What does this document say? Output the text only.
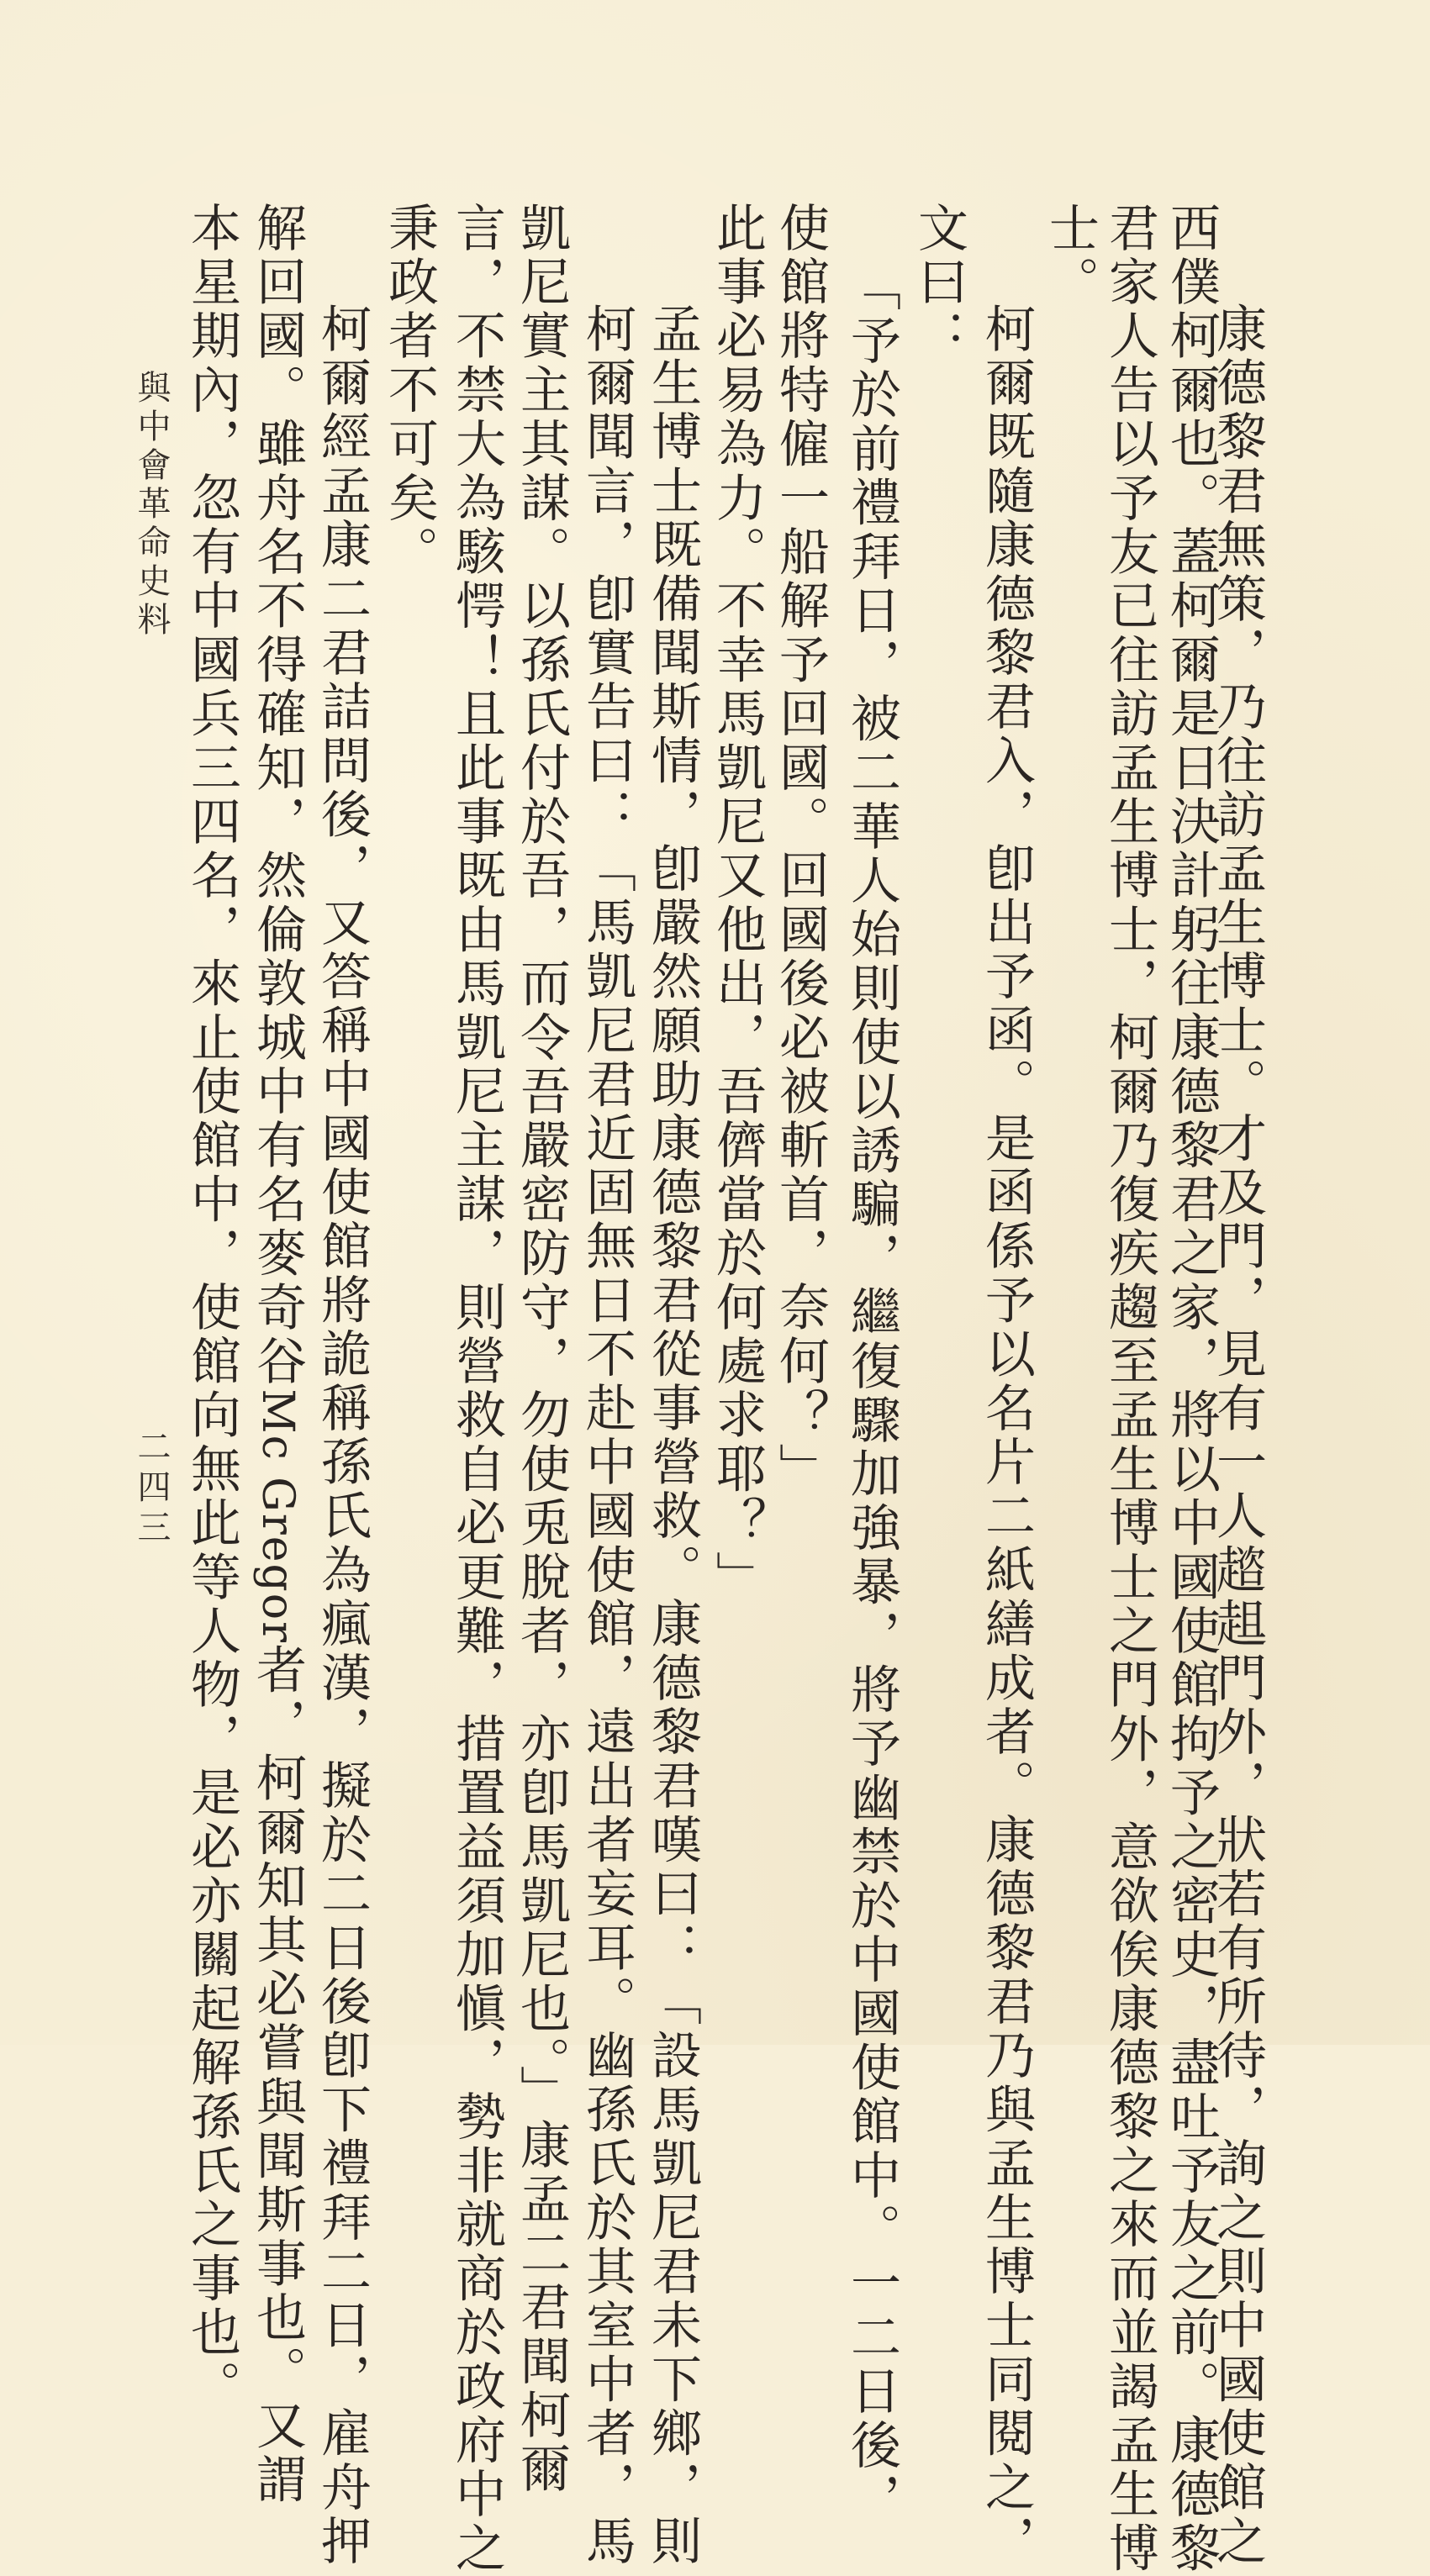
康德黎君無策，乃往訪孟生博士。才及門，見有一人趦趄門外，狀若有所待，詢之則中國使館之
西僕柯爾也。蓋柯爾是日決計躬往康德黎君之家，將以中國使館拘予之密史，盡吐予友之前。康德黎
君家人告以予友已往訪孟生博士，柯爾乃復疾趨至孟生博士之門外，意欲俟康德黎之來而並謁孟生博
士。
柯爾既隨康德黎君入，卽出予函。是函係予以名片二紙繕成者。康德黎君乃與孟生博士同閱之，
文曰：
「予於前禮拜日，被二華人始則使以誘騙，繼復驟加強暴，將予幽禁於中國使館中。一二日後，
使館將特僱一船解予回國。回國後必被斬首，奈何？」
此事必易為力。不幸馬凱尼又他出，吾儕當於何處求耶？」
孟生博士既備聞斯情，卽嚴然願助康德黎君從事營救。康德黎君嘆曰：「設馬凱尼君未下鄉，則
柯爾聞言，卽實告曰：「馬凱尼君近固無日不赴中國使館，遠出者妄耳。幽孫氏於其室中者，馬
凱尼實主其謀。以孫氏付於吾，而令吾嚴密防守，勿使兎脫者，亦卽馬凱尼也。」康孟二君聞柯爾
言，不禁大為駭愕！且此事既由馬凱尼主謀，則營救自必更難，措置益須加愼，勢非就商於政府中之
秉政者不可矣。
柯爾經孟康二君詰問後，又答稱中國使館將詭稱孫氏為瘋漢，擬於二日後卽下禮拜二日，雇舟押
解回國。雖舟名不得確知，然倫敦城中有名麥奇谷Mc Gregor者，柯爾知其必嘗與聞斯事也。又謂
本星期內，忽有中國兵三四名，來止使館中，使館向無此等人物，是必亦關起解孫氏之事也。
與中會革命史料
二四三
